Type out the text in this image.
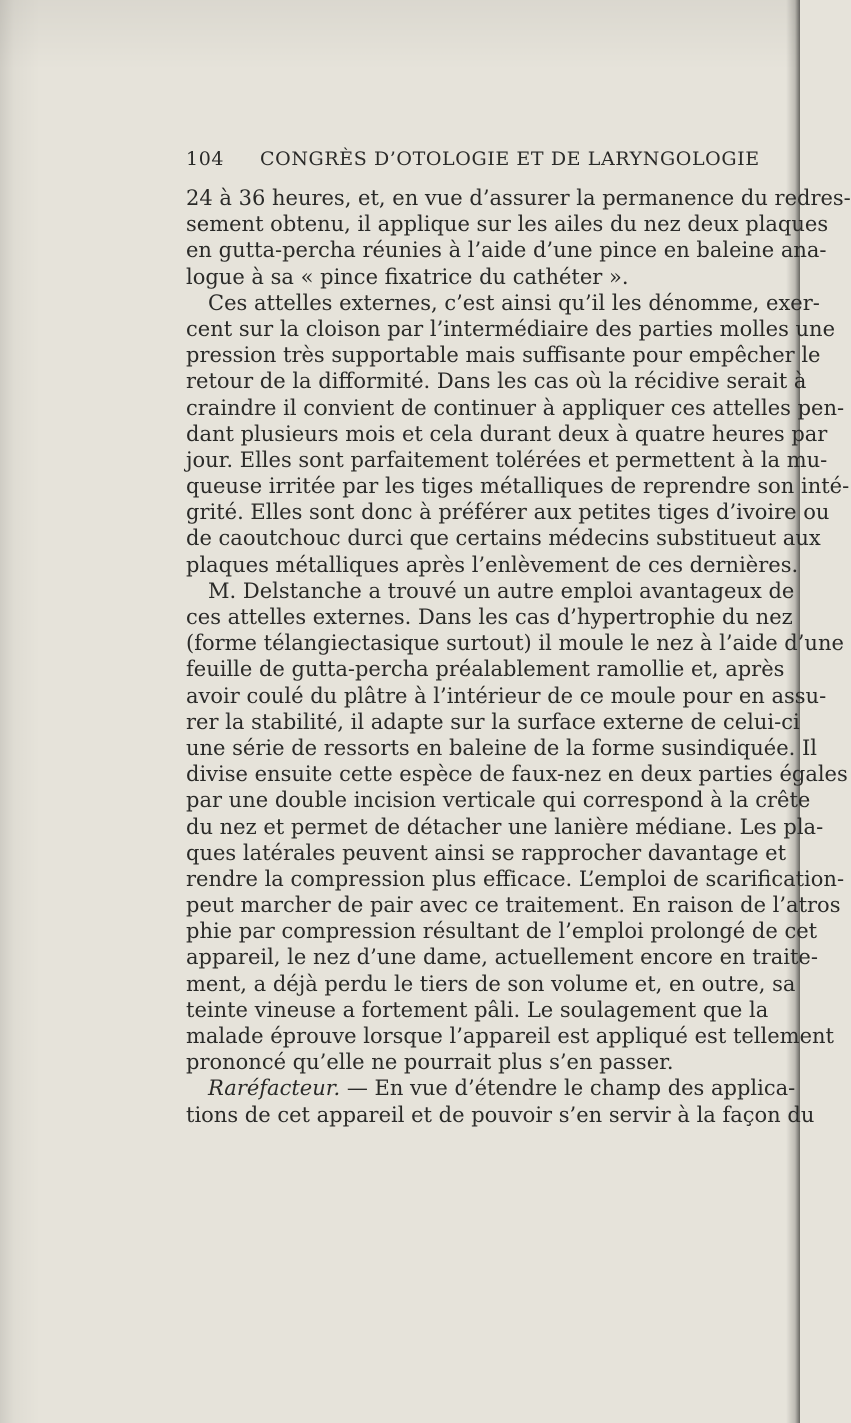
104 CONGRÈS D’OTOLOGIE ET DE LARYNGOLOGIE
24 à 36 heures, et, en vue d’assurer la permanence du redres-
sement obtenu, il applique sur les ailes du nez deux plaques
en gutta-percha réunies à l’aide d’une pince en baleine ana-
logue à sa « pince fixatrice du cathéter ».
Ces attelles externes, c’est ainsi qu’il les dénomme, exer-
cent sur la cloison par l’intermédiaire des parties molles une
pression très supportable mais suffisante pour empêcher le
retour de la difformité. Dans les cas où la récidive serait à
craindre il convient de continuer à appliquer ces attelles pen-
dant plusieurs mois et cela durant deux à quatre heures par
jour. Elles sont parfaitement tolérées et permettent à la mu-
queuse irritée par les tiges métalliques de reprendre son inté-
grité. Elles sont donc à préférer aux petites tiges d’ivoire ou
de caoutchouc durci que certains médecins substitueut aux
plaques métalliques après l’enlèvement de ces dernières.
M. Delstanche a trouvé un autre emploi avantageux de
ces attelles externes. Dans les cas d’hypertrophie du nez
(forme télangiectasique surtout) il moule le nez à l’aide d’une
feuille de gutta-percha préalablement ramollie et, après
avoir coulé du plâtre à l’intérieur de ce moule pour en assu-
rer la stabilité, il adapte sur la surface externe de celui-ci
une série de ressorts en baleine de la forme susindiquée. Il
divise ensuite cette espèce de faux-nez en deux parties égales
par une double incision verticale qui correspond à la crête
du nez et permet de détacher une lanière médiane. Les pla-
ques latérales peuvent ainsi se rapprocher davantage et
rendre la compression plus efficace. L’emploi de scarification-
peut marcher de pair avec ce traitement. En raison de l’atros
phie par compression résultant de l’emploi prolongé de cet
appareil, le nez d’une dame, actuellement encore en traite-
ment, a déjà perdu le tiers de son volume et, en outre, sa
teinte vineuse a fortement pâli. Le soulagement que la
malade éprouve lorsque l’appareil est appliqué est tellement
prononcé qu’elle ne pourrait plus s’en passer.
Raréfacteur. — En vue d’étendre le champ des applica-
tions de cet appareil et de pouvoir s’en servir à la façon du
